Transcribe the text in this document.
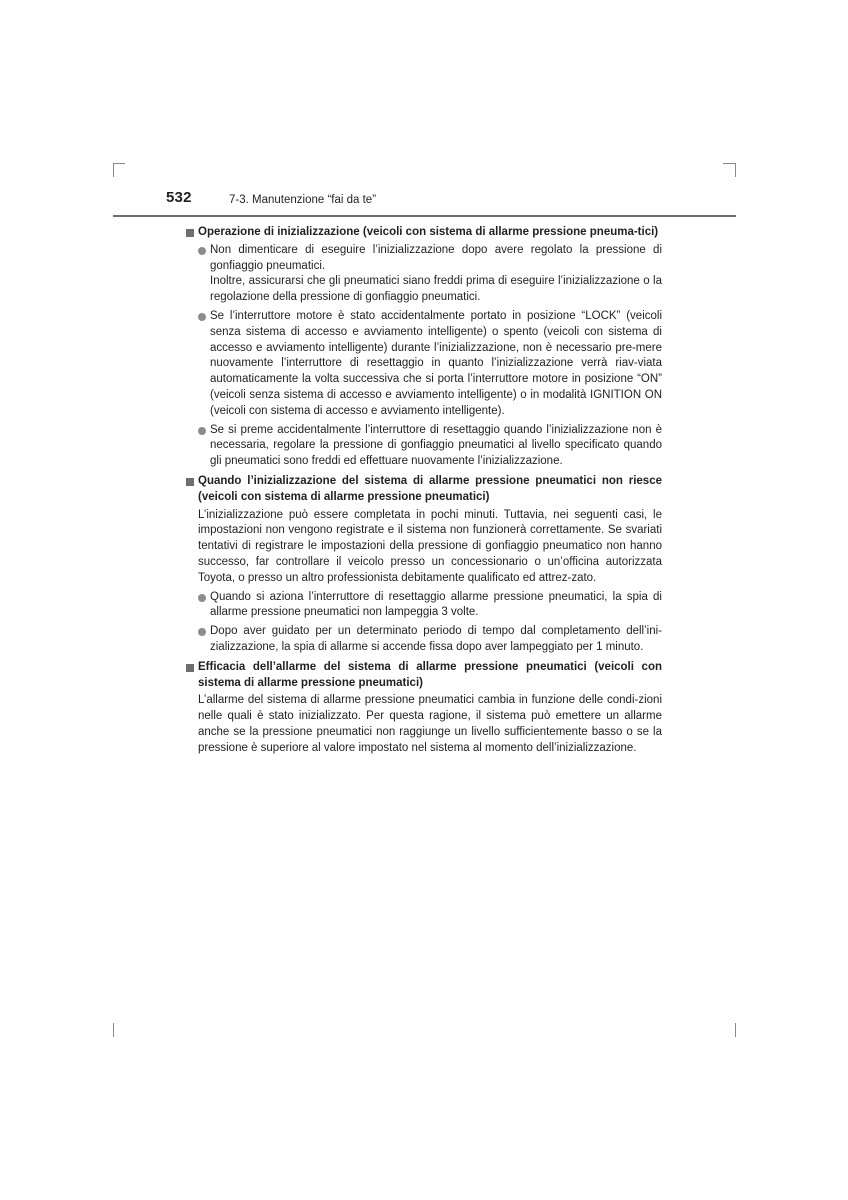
532	7-3. Manutenzione “fai da te”
Operazione di inizializzazione (veicoli con sistema di allarme pressione pneuma-tici)
Non dimenticare di eseguire l’inizializzazione dopo avere regolato la pressione di gonfiaggio pneumatici.
Inoltre, assicurarsi che gli pneumatici siano freddi prima di eseguire l’inizializzazione o la regolazione della pressione di gonfiaggio pneumatici.
Se l’interruttore motore è stato accidentalmente portato in posizione “LOCK” (veicoli senza sistema di accesso e avviamento intelligente) o spento (veicoli con sistema di accesso e avviamento intelligente) durante l’inizializzazione, non è necessario pre-mere nuovamente l’interruttore di resettaggio in quanto l’inizializzazione verrà riav-viata automaticamente la volta successiva che si porta l’interruttore motore in posizione “ON” (veicoli senza sistema di accesso e avviamento intelligente) o in modalità IGNITION ON (veicoli con sistema di accesso e avviamento intelligente).
Se si preme accidentalmente l’interruttore di resettaggio quando l’inizializzazione non è necessaria, regolare la pressione di gonfiaggio pneumatici al livello specificato quando gli pneumatici sono freddi ed effettuare nuovamente l’inizializzazione.
Quando l’inizializzazione del sistema di allarme pressione pneumatici non riesce (veicoli con sistema di allarme pressione pneumatici)
L’inizializzazione può essere completata in pochi minuti. Tuttavia, nei seguenti casi, le impostazioni non vengono registrate e il sistema non funzionerà correttamente. Se svariati tentativi di registrare le impostazioni della pressione di gonfiaggio pneumatico non hanno successo, far controllare il veicolo presso un concessionario o un’officina autorizzata Toyota, o presso un altro professionista debitamente qualificato ed attrez-zato.
Quando si aziona l’interruttore di resettaggio allarme pressione pneumatici, la spia di allarme pressione pneumatici non lampeggia 3 volte.
Dopo aver guidato per un determinato periodo di tempo dal completamento dell’ini-zializzazione, la spia di allarme si accende fissa dopo aver lampeggiato per 1 minuto.
Efficacia dell’allarme del sistema di allarme pressione pneumatici (veicoli con sistema di allarme pressione pneumatici)
L’allarme del sistema di allarme pressione pneumatici cambia in funzione delle condi-zioni nelle quali è stato inizializzato. Per questa ragione, il sistema può emettere un allarme anche se la pressione pneumatici non raggiunge un livello sufficientemente basso o se la pressione è superiore al valore impostato nel sistema al momento dell’inizializzazione.
